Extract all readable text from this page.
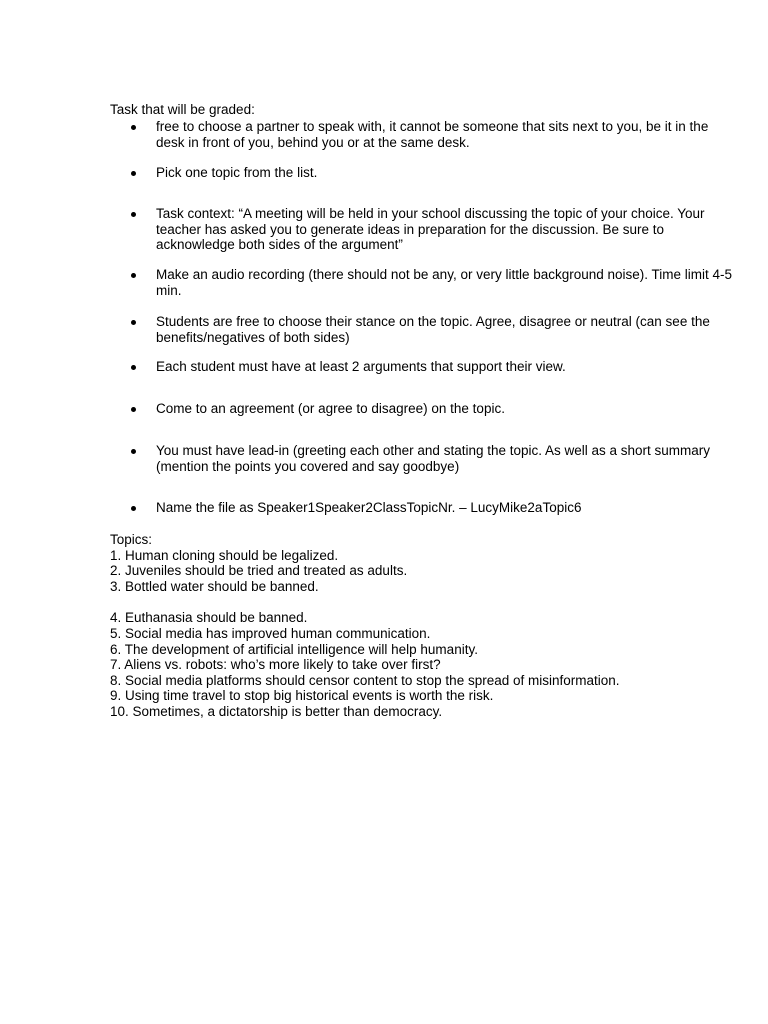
Task that will be graded:
free to choose a partner to speak with, it cannot be someone that sits next to you, be it in the desk in front of you, behind you or at the same desk.
Pick one topic from the list.
Task context: “A meeting will be held in your school discussing the topic of your choice. Your teacher has asked you to generate ideas in preparation for the discussion. Be sure to acknowledge both sides of the argument”
Make an audio recording (there should not be any, or very little background noise). Time limit 4-5 min.
Students are free to choose their stance on the topic. Agree, disagree or neutral (can see the benefits/negatives of both sides)
Each student must have at least 2 arguments that support their view.
Come to an agreement (or agree to disagree) on the topic.
You must have lead-in (greeting each other and stating the topic. As well as a short summary (mention the points you covered and say goodbye)
Name the file as Speaker1Speaker2ClassTopicNr. – LucyMike2aTopic6
Topics:
1. Human cloning should be legalized.
2. Juveniles should be tried and treated as adults.
3. Bottled water should be banned.
4. Euthanasia should be banned.
5. Social media has improved human communication.
6. The development of artificial intelligence will help humanity.
7. Aliens vs. robots: who’s more likely to take over first?
8. Social media platforms should censor content to stop the spread of misinformation.
9. Using time travel to stop big historical events is worth the risk.
10. Sometimes, a dictatorship is better than democracy.
